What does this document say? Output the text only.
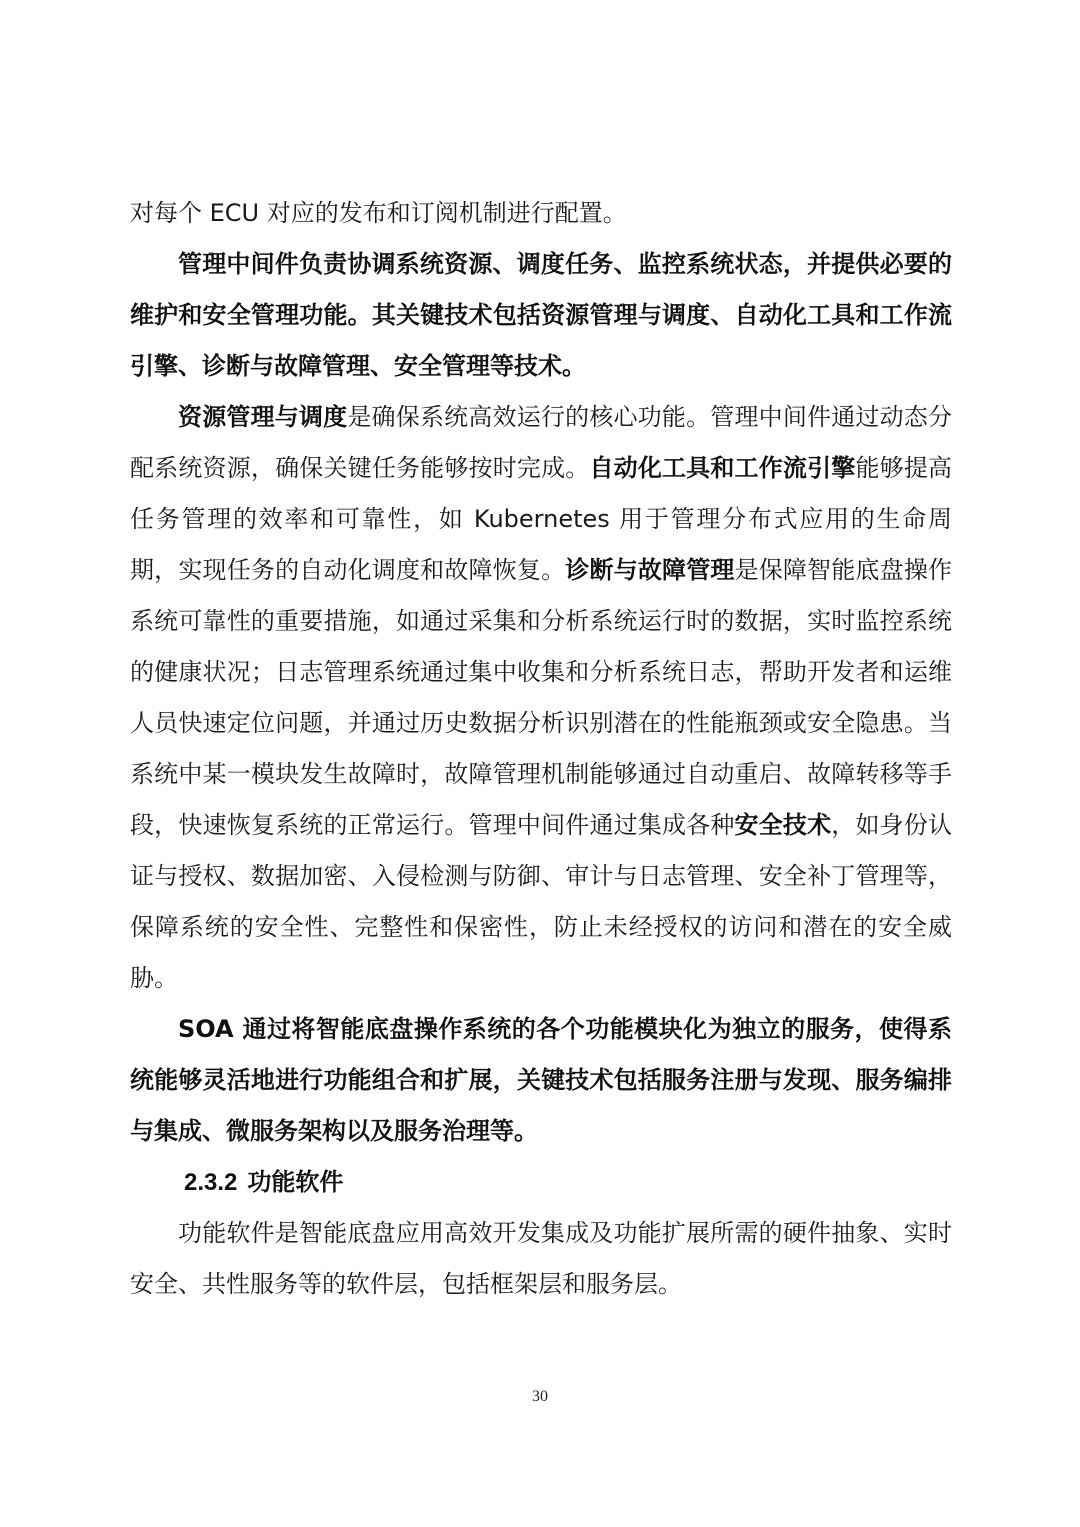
对每个 ECU 对应的发布和订阅机制进行配置。

管理中间件负责协调系统资源、调度任务、监控系统状态，并提供必要的维护和安全管理功能。其关键技术包括资源管理与调度、自动化工具和工作流引擎、诊断与故障管理、安全管理等技术。

资源管理与调度是确保系统高效运行的核心功能。管理中间件通过动态分配系统资源，确保关键任务能够按时完成。自动化工具和工作流引擎能够提高任务管理的效率和可靠性，如 Kubernetes 用于管理分布式应用的生命周期，实现任务的自动化调度和故障恢复。诊断与故障管理是保障智能底盘操作系统可靠性的重要措施，如通过采集和分析系统运行时的数据，实时监控系统的健康状况；日志管理系统通过集中收集和分析系统日志，帮助开发者和运维人员快速定位问题，并通过历史数据分析识别潜在的性能瓶颈或安全隐患。当系统中某一模块发生故障时，故障管理机制能够通过自动重启、故障转移等手段，快速恢复系统的正常运行。管理中间件通过集成各种安全技术，如身份认证与授权、数据加密、入侵检测与防御、审计与日志管理、安全补丁管理等，保障系统的安全性、完整性和保密性，防止未经授权的访问和潜在的安全威胁。

SOA 通过将智能底盘操作系统的各个功能模块化为独立的服务，使得系统能够灵活地进行功能组合和扩展，关键技术包括服务注册与发现、服务编排与集成、微服务架构以及服务治理等。

2.3.2 功能软件

功能软件是智能底盘应用高效开发集成及功能扩展所需的硬件抽象、实时安全、共性服务等的软件层，包括框架层和服务层。

30
